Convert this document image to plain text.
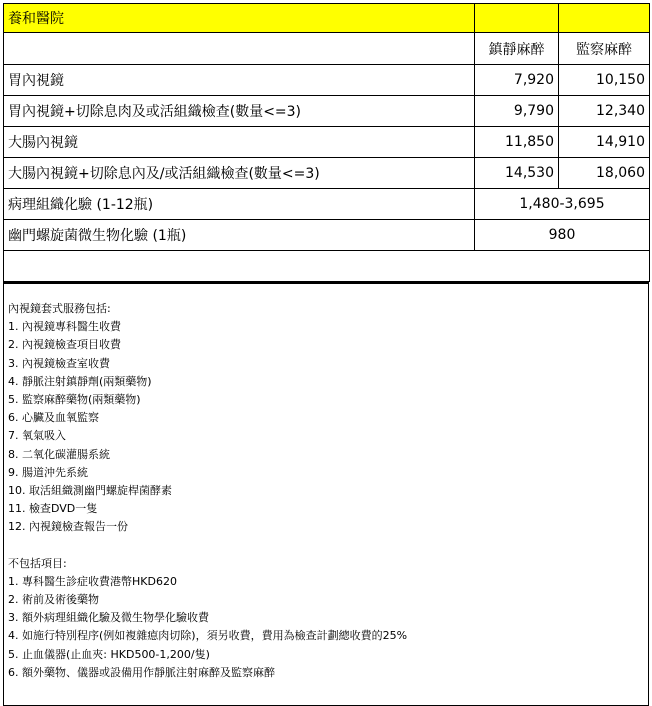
養和醫院		
	鎮靜麻醉	監察麻醉
胃內視鏡	7,920	10,150
胃內視鏡+切除息肉及或活組織檢查(數量<=3)	9,790	12,340
大腸內視鏡	11,850	14,910
大腸內視鏡+切除息內及/或活組織檢查(數量<=3)	14,530	18,060
病理組織化驗 (1-12瓶)	1,480-3,695	
幽門螺旋菌微生物化驗 (1瓶)	980	

內視鏡套式服務包括:
1. 內視鏡專科醫生收費
2. 內視鏡檢查項目收費
3. 內視鏡檢查室收費
4. 靜脈注射鎮靜劑(兩類藥物)
5. 監察麻醉藥物(兩類藥物)
6. 心臟及血氧監察
7. 氧氣吸入
8. 二氧化碳灌腸系統
9. 腸道沖先系統
10. 取活組織測幽門螺旋桿菌酵素
11. 檢查DVD一隻
12. 內視鏡檢查報告一份
不包括項目:
1. 專科醫生診症收費港幣HKD620
2. 術前及術後藥物
3. 額外病理組織化驗及微生物學化驗收費
4. 如施行特別程序(例如複雜瘜肉切除)，須另收費，費用為檢查計劃總收費的25%
5. 止血儀器(止血夾: HKD500-1,200/隻)
6. 額外藥物、儀器或設備用作靜脈注射麻醉及監察麻醉
